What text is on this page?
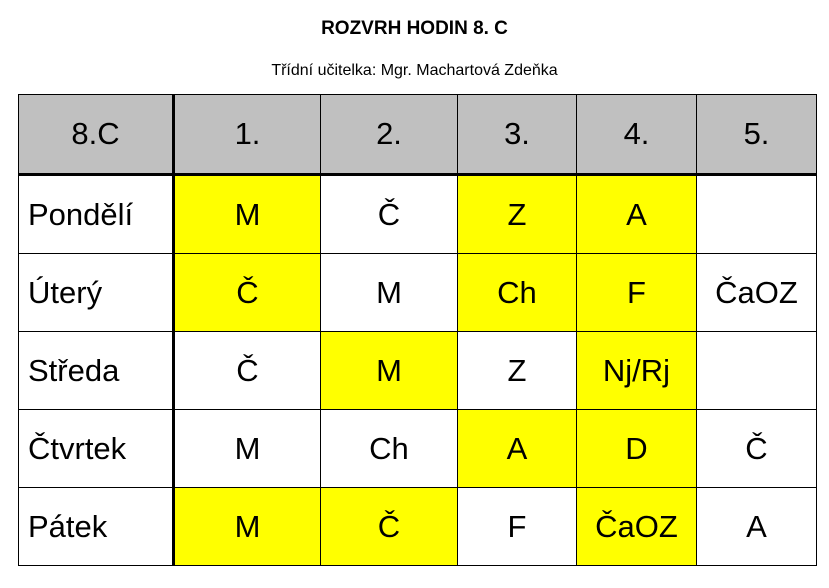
ROZVRH HODIN 8. C
Třídní učitelka: Mgr. Machartová Zdeňka
8.C	1.	2.	3.	4.	5.
Pondělí	M	Č	Z	A	
Úterý	Č	M	Ch	F	ČaOZ
Středa	Č	M	Z	Nj/Rj	
Čtvrtek	M	Ch	A	D	Č
Pátek	M	Č	F	ČaOZ	A
